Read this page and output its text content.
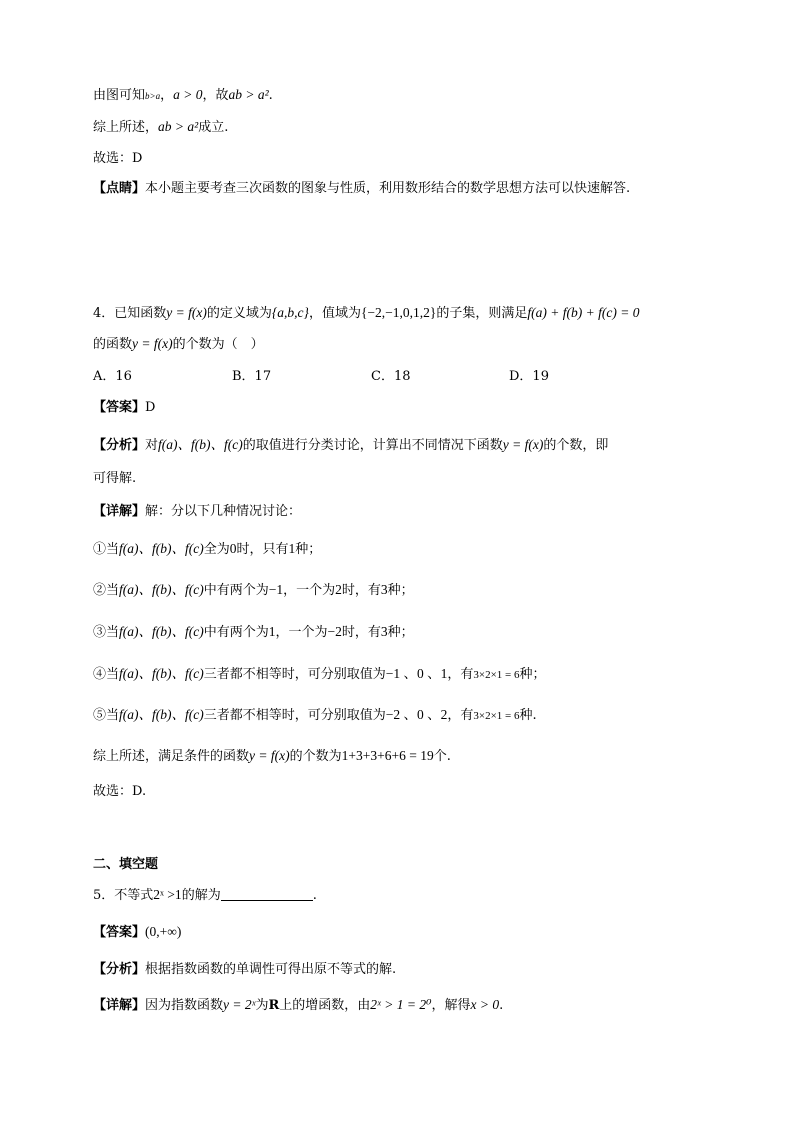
由图可知b>a，a > 0，故ab > a².
综上所述，ab > a²成立.
故选：D
【点睛】本小题主要考查三次函数的图象与性质，利用数形结合的数学思想方法可以快速解答.
4．已知函数y = f(x)的定义域为{a,b,c}，值域为{−2,−1,0,1,2}的子集，则满足f(a) + f(b) + f(c) = 0
的函数y = f(x)的个数为（　）
A．16	B．17	C．18	D．19
【答案】D
【分析】对f(a)、f(b)、f(c)的取值进行分类讨论，计算出不同情况下函数y = f(x)的个数，即
可得解.
【详解】解：分以下几种情况讨论：
①当f(a)、f(b)、f(c)全为0时，只有1种；
②当f(a)、f(b)、f(c)中有两个为−1，一个为2时，有3种；
③当f(a)、f(b)、f(c)中有两个为1，一个为−2时，有3种；
④当f(a)、f(b)、f(c)三者都不相等时，可分别取值为−1 、0 、1，有3×2×1 = 6种；
⑤当f(a)、f(b)、f(c)三者都不相等时，可分别取值为−2 、0 、2，有3×2×1 = 6种.
综上所述，满足条件的函数y = f(x)的个数为1+3+3+6+6 = 19个.
故选：D.
二、填空题
5．不等式2ˣ >1的解为	.
【答案】(0,+∞)
【分析】根据指数函数的单调性可得出原不等式的解.
【详解】因为指数函数y = 2ˣ为R上的增函数，由2ˣ > 1 = 2⁰，解得x > 0.
